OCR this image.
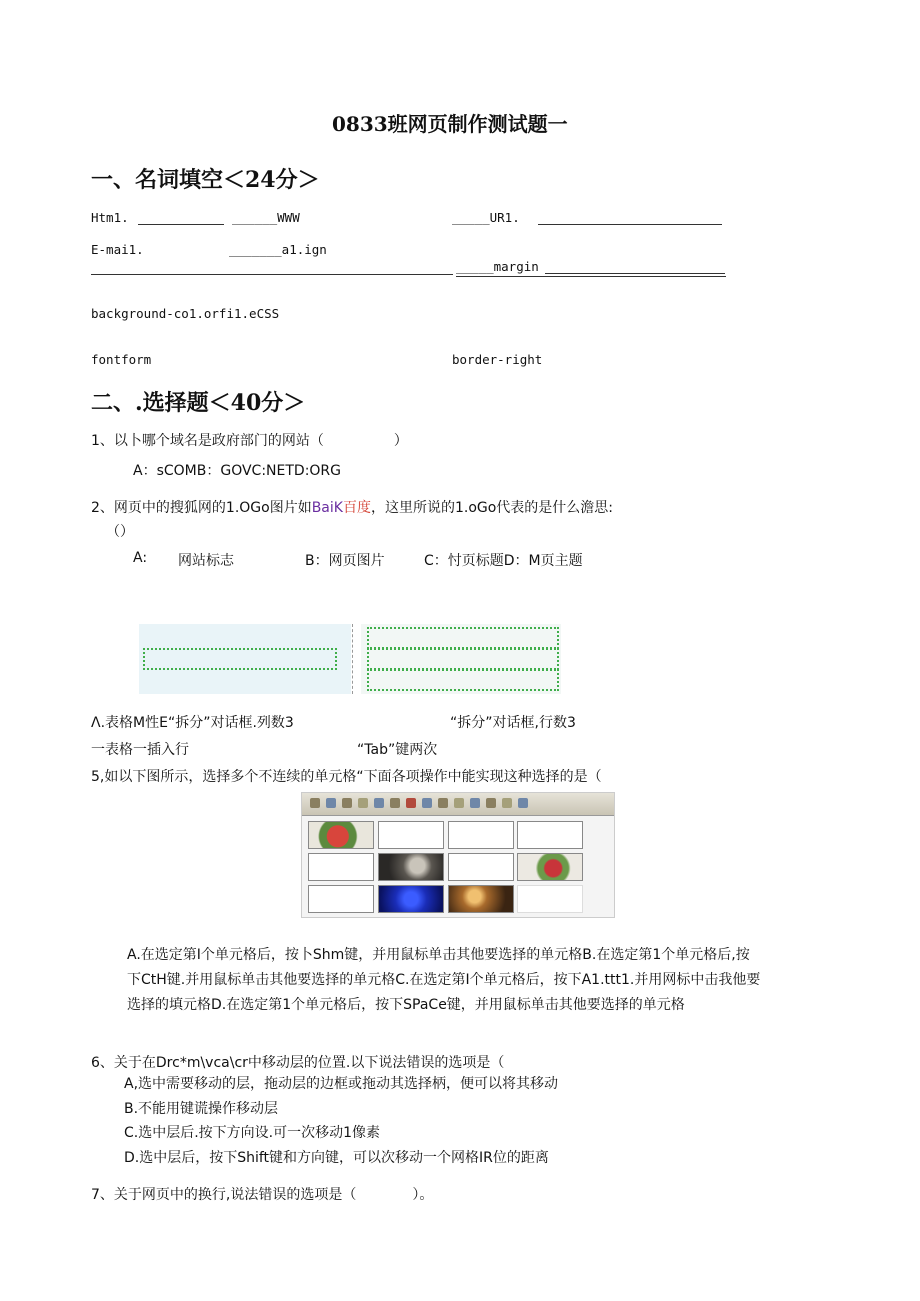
0833班网页制作测试题一
一、名词填空＜24分＞
Htm1.	______WWW	_____UR1.
E-mai1.	_______a1.ign
_____margin
background-co1.orfi1.eCSS
fontform	border-right
二、.选择题＜40分＞
1、以卜哪个域名是政府部门的网站（　　　　　）
A：sCOMB：GOVC:NETD:ORG
2、网页中的搜狐网的1.OGo图片如BaiK百度，这里所说的1.oGo代表的是什么澹思:
（）
A: 网站标志	B：网页图片	C：忖页标题D：M页主题
Λ.表格M性E“拆分”对话框.列数3	“拆分”对话框,行数3
一表格一插入行	“Tab”键两次
5,如以下图所示，选择多个不连续的单元格“下面各项操作中能实现这种选择的是（
A.在选定第I个单元格后，按卜Shm键，并用鼠标单击其他要选择的单元格B.在选定第1个单元格后,按
下CtH键.并用鼠标单击其他要选择的单元格C.在选定第I个单元格后，按下A1.ttt1.并用网标中击我他要
选择的填元格D.在选定第1个单元格后，按下SPaCe键，并用鼠标单击其他要选择的单元格
6、关于在Drc*m\vca\cr中移动层的位置.以下说法错误的选项是（
A,选中需要移动的层，拖动层的边框或拖动其选择柄，便可以将其移动
B.不能用键谎操作移动层
C.选中层后.按下方向设.可一次移动1像素
D.选中层后，按下Shift键和方向键，可以次移动一个网格IR位的距离
7、关于网页中的换行,说法错误的选项是（　　　　）。
